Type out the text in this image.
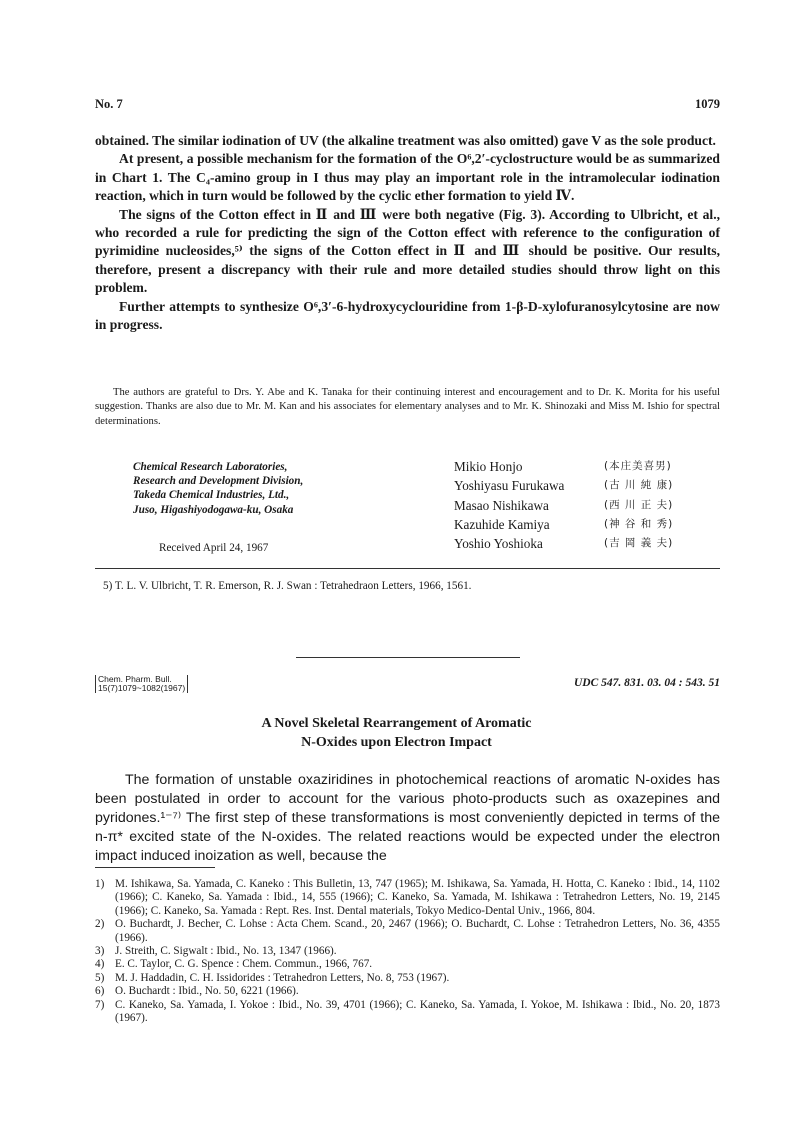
No. 7	1079

obtained. The similar iodination of UV (the alkaline treatment was also omitted) gave V as the sole product.

At present, a possible mechanism for the formation of the O⁶,2′-cyclostructure would be as summarized in Chart 1. The C₄-amino group in I thus may play an important role in the intramolecular iodination reaction, which in turn would be followed by the cyclic ether formation to yield Ⅳ.

The signs of the Cotton effect in Ⅱ and Ⅲ were both negative (Fig. 3). According to Ulbricht, et al., who recorded a rule for predicting the sign of the Cotton effect with reference to the configuration of pyrimidine nucleosides,⁵⁾ the signs of the Cotton effect in Ⅱ and Ⅲ should be positive. Our results, therefore, present a discrepancy with their rule and more detailed studies should throw light on this problem.

Further attempts to synthesize O⁶,3′-6-hydroxycyclouridine from 1-β-D-xylofuranosylcytosine are now in progress.

The authors are grateful to Drs. Y. Abe and K. Tanaka for their continuing interest and encouragement and to Dr. K. Morita for his useful suggestion. Thanks are also due to Mr. M. Kan and his associates for elementary analyses and to Mr. K. Shinozaki and Miss M. Ishio for spectral determinations.
Chemical Research Laboratories,
Research and Development Division,
Takeda Chemical Industries, Ltd.,
Juso, Higashiyodogawa-ku, Osaka
Received April 24, 1967
Mikio Honjo	(本庄美喜男)
Yoshiyasu Furukawa	(古 川 純 康)
Masao Nishikawa	(西 川 正 夫)
Kazuhide Kamiya	(神 谷 和 秀)
Yoshio Yoshioka	(吉 岡 義 夫)
5) T. L. V. Ulbricht, T. R. Emerson, R. J. Swan : Tetrahedraon Letters, 1966, 1561.
Chem. Pharm. Bull.
15(7)1079~1082(1967)	UDC 547. 831. 03. 04 : 543. 51
A Novel Skeletal Rearrangement of Aromatic
N-Oxides upon Electron Impact
The formation of unstable oxaziridines in photochemical reactions of aromatic N-oxides has been postulated in order to account for the various photo-products such as oxazepines and pyridones.¹⁻⁷⁾ The first step of these transformations is most conveniently depicted in terms of the n-π* excited state of the N-oxides. The related reactions would be expected under the electron impact induced inoization as well, because the
1) M. Ishikawa, Sa. Yamada, C. Kaneko : This Bulletin, 13, 747 (1965); M. Ishikawa, Sa. Yamada, H. Hotta, C. Kaneko : Ibid., 14, 1102 (1966); C. Kaneko, Sa. Yamada : Ibid., 14, 555 (1966); C. Kaneko, Sa. Yamada, M. Ishikawa : Tetrahedron Letters, No. 19, 2145 (1966); C. Kaneko, Sa. Yamada : Rept. Res. Inst. Dental materials, Tokyo Medico-Dental Univ., 1966, 804.
2) O. Buchardt, J. Becher, C. Lohse : Acta Chem. Scand., 20, 2467 (1966); O. Buchardt, C. Lohse : Tetrahedron Letters, No. 36, 4355 (1966).
3) J. Streith, C. Sigwalt : Ibid., No. 13, 1347 (1966).
4) E. C. Taylor, C. G. Spence : Chem. Commun., 1966, 767.
5) M. J. Haddadin, C. H. Issidorides : Tetrahedron Letters, No. 8, 753 (1967).
6) O. Buchardt : Ibid., No. 50, 6221 (1966).
7) C. Kaneko, Sa. Yamada, I. Yokoe : Ibid., No. 39, 4701 (1966); C. Kaneko, Sa. Yamada, I. Yokoe, M. Ishikawa : Ibid., No. 20, 1873 (1967).
